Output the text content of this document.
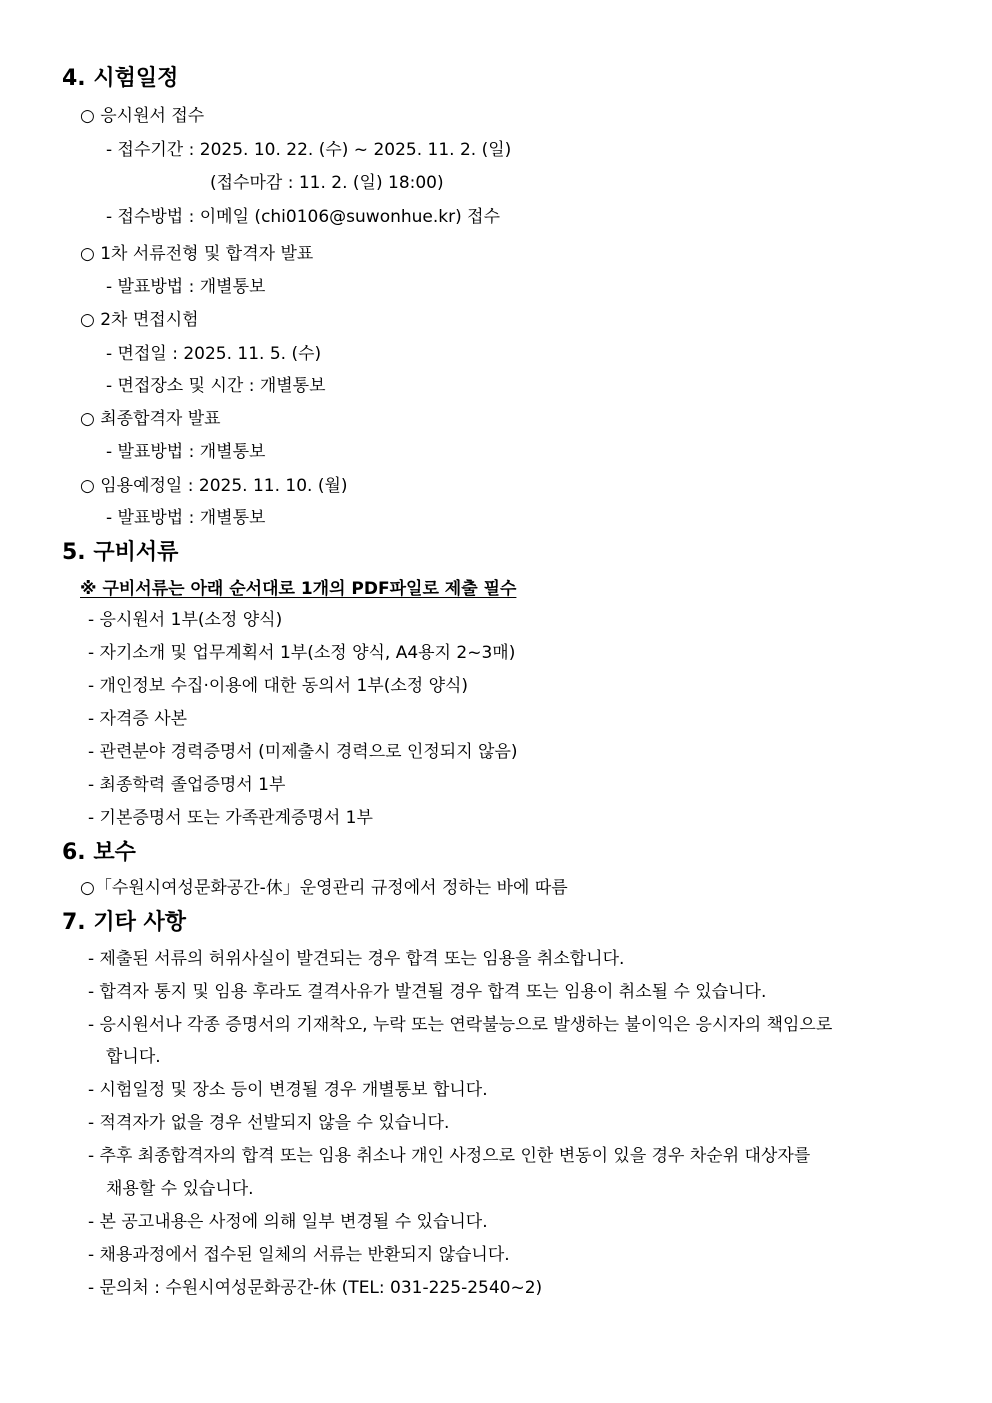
4. 시험일정
○ 응시원서 접수
- 접수기간 : 2025. 10. 22. (수) ~ 2025. 11. 2. (일)
(접수마감 : 11. 2. (일) 18:00)
- 접수방법 : 이메일 (chi0106@suwonhue.kr) 접수
○ 1차 서류전형 및 합격자 발표
- 발표방법 : 개별통보
○ 2차 면접시험
- 면접일 : 2025. 11. 5. (수)
- 면접장소 및 시간 : 개별통보
○ 최종합격자 발표
- 발표방법 : 개별통보
○ 임용예정일 : 2025. 11. 10. (월)
- 발표방법 : 개별통보
5. 구비서류
※ 구비서류는 아래 순서대로 1개의 PDF파일로 제출 필수
- 응시원서 1부(소정 양식)
- 자기소개 및 업무계획서 1부(소정 양식, A4용지 2~3매)
- 개인정보 수집·이용에 대한 동의서 1부(소정 양식)
- 자격증 사본
- 관련분야 경력증명서 (미제출시 경력으로 인정되지 않음)
- 최종학력 졸업증명서 1부
- 기본증명서 또는 가족관계증명서 1부
6. 보수
○「수원시여성문화공간-休」운영관리 규정에서 정하는 바에 따름
7. 기타 사항
- 제출된 서류의 허위사실이 발견되는 경우 합격 또는 임용을 취소합니다.
- 합격자 통지 및 임용 후라도 결격사유가 발견될 경우 합격 또는 임용이 취소될 수 있습니다.
- 응시원서나 각종 증명서의 기재착오, 누락 또는 연락불능으로 발생하는 불이익은 응시자의 책임으로
합니다.
- 시험일정 및 장소 등이 변경될 경우 개별통보 합니다.
- 적격자가 없을 경우 선발되지 않을 수 있습니다.
- 추후 최종합격자의 합격 또는 임용 취소나 개인 사정으로 인한 변동이 있을 경우 차순위 대상자를
채용할 수 있습니다.
- 본 공고내용은 사정에 의해 일부 변경될 수 있습니다.
- 채용과정에서 접수된 일체의 서류는 반환되지 않습니다.
- 문의처 : 수원시여성문화공간-休 (TEL: 031-225-2540~2)
